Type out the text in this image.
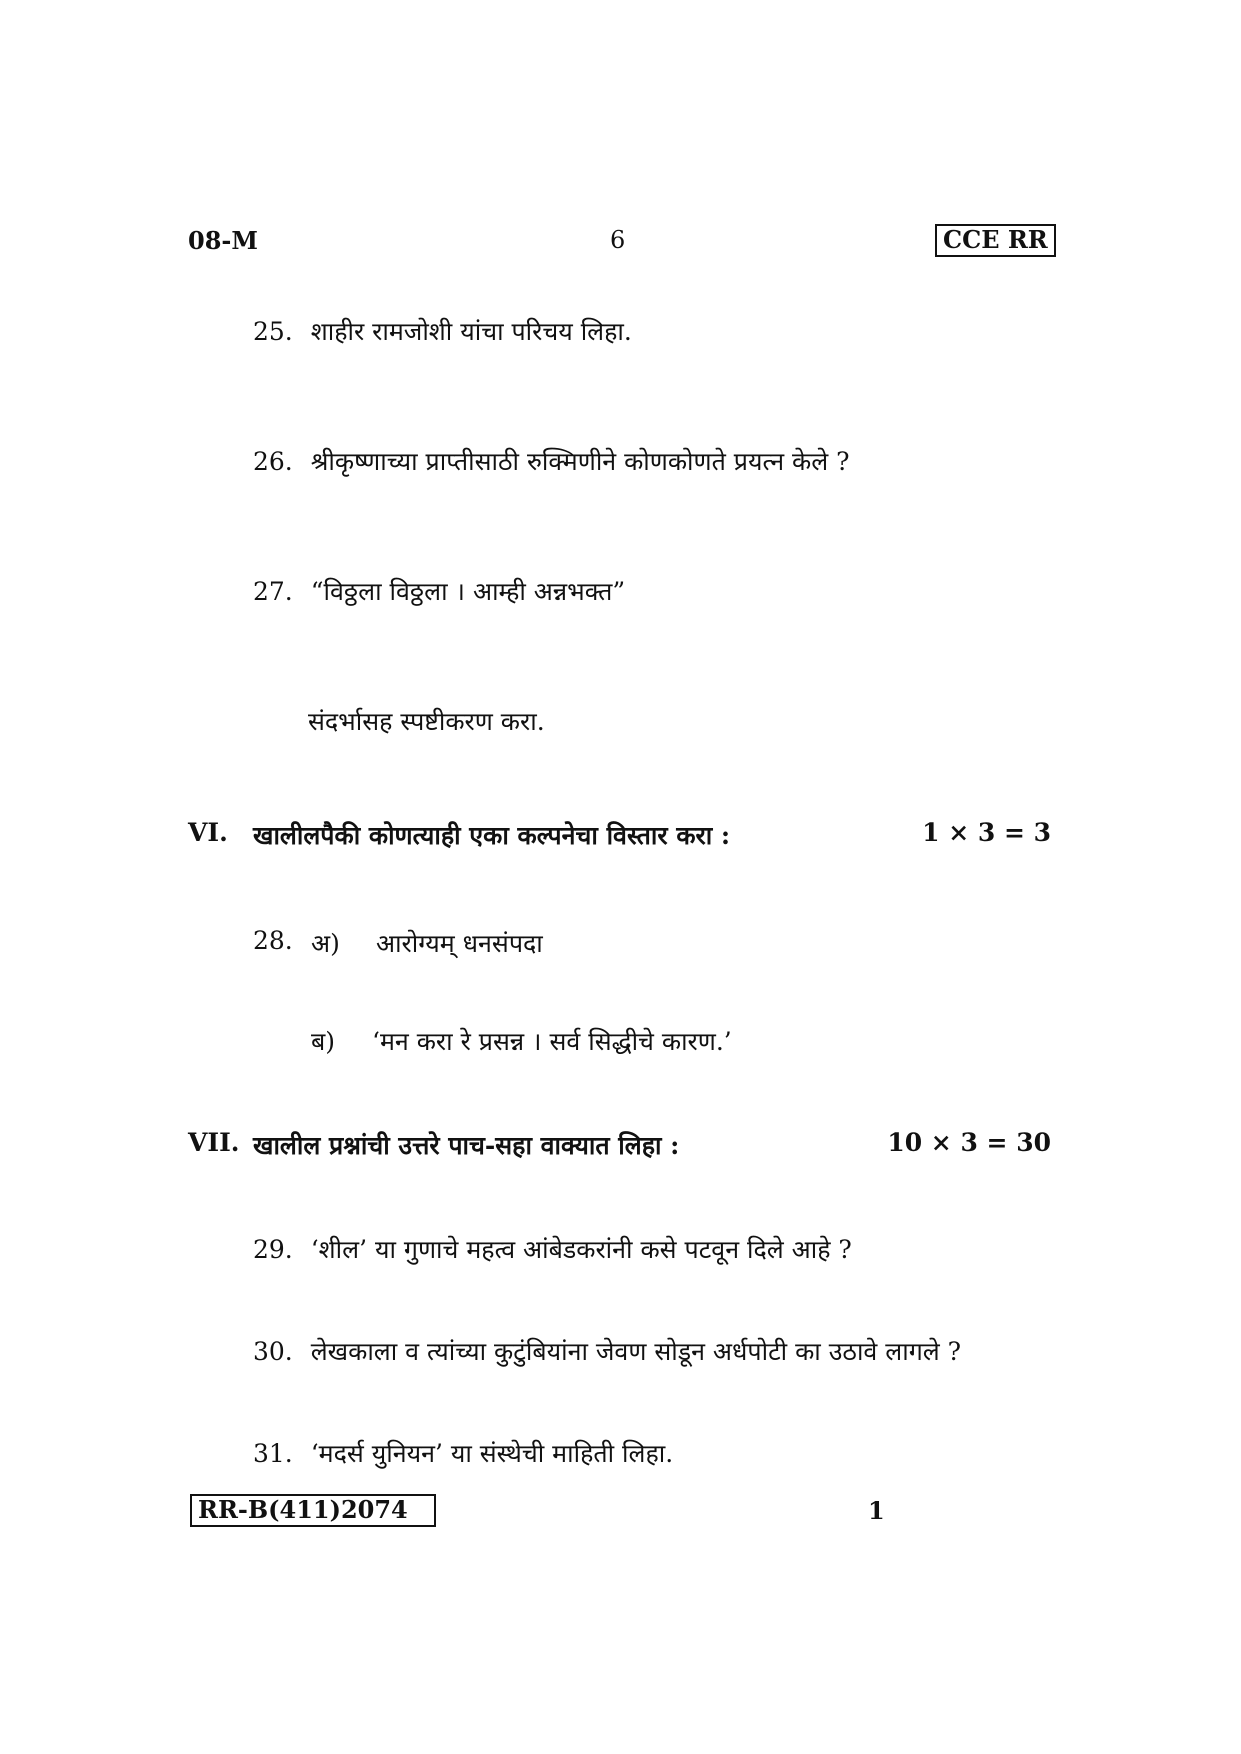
08-M	6	CCE RR
25. शाहीर रामजोशी यांचा परिचय लिहा.
26. श्रीकृष्णाच्या प्राप्तीसाठी रुक्मिणीने कोणकोणते प्रयत्न केले ?
27. “विठ्ठला विठ्ठला । आम्ही अन्नभक्त”
संदर्भासह स्पष्टीकरण करा.
VI. खालीलपैकी कोणत्याही एका कल्पनेचा विस्तार करा :	1 × 3 = 3
28. अ) आरोग्यम् धनसंपदा
ब) ‘मन करा रे प्रसन्न । सर्व सिद्धीचे कारण.’
VII. खालील प्रश्नांची उत्तरे पाच-सहा वाक्यात लिहा :	10 × 3 = 30
29. ‘शील’ या गुणाचे महत्व आंबेडकरांनी कसे पटवून दिले आहे ?
30. लेखकाला व त्यांच्या कुटुंबियांना जेवण सोडून अर्धपोटी का उठावे लागले ?
31. ‘मदर्स युनियन’ या संस्थेची माहिती लिहा.
RR-B(411)2074	1
